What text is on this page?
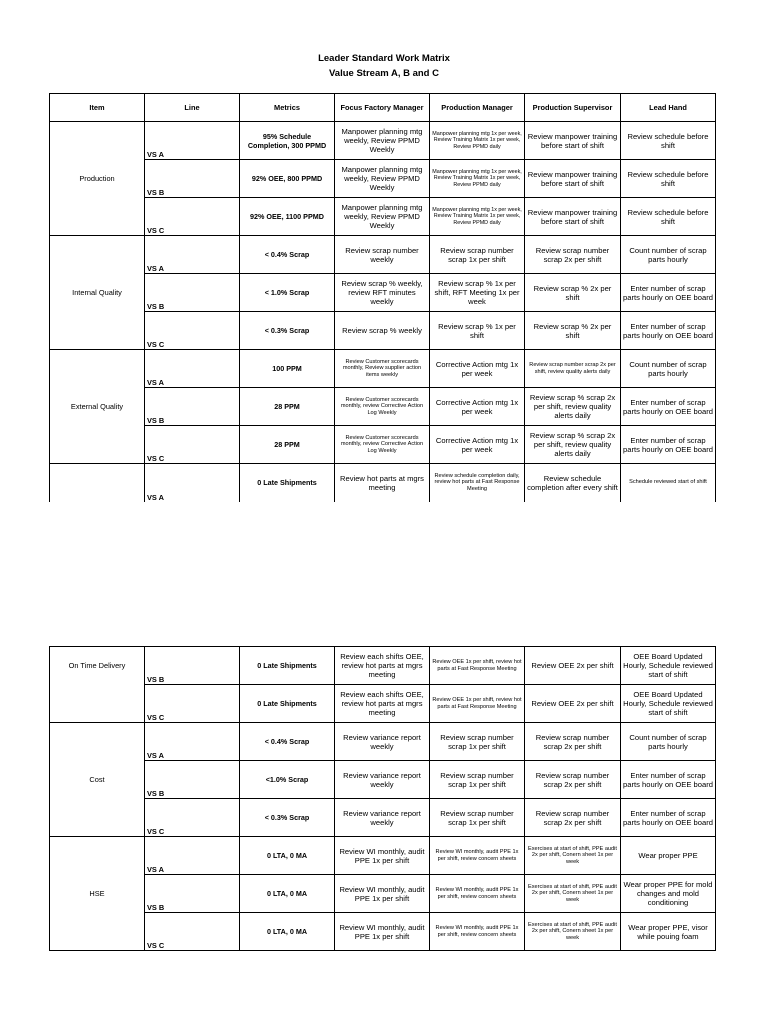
Leader Standard Work Matrix
Value Stream A, B and C
Item	Line	Metrics	Focus Factory Manager	Production Manager	Production Supervisor	Lead Hand
Production	VS A	95% Schedule Completion, 300 PPMD	Manpower planning mtg weekly, Review PPMD Weekly	Manpower planning mtg 1x per week, Review Training Matrix 1x per week, Review PPMD daily	Review manpower training before start of shift	Review schedule before shift
	VS B	92% OEE, 800 PPMD	Manpower planning mtg weekly, Review PPMD Weekly	Manpower planning mtg 1x per week, Review Training Matrix 1x per week, Review PPMD daily	Review manpower training before start of shift	Review schedule before shift
	VS C	92% OEE, 1100 PPMD	Manpower planning mtg weekly, Review PPMD Weekly	Manpower planning mtg 1x per week, Review Training Matrix 1x per week, Review PPMD daily	Review manpower training before start of shift	Review schedule before shift
Internal Quality	VS A	< 0.4% Scrap	Review scrap number weekly	Review scrap number scrap 1x per shift	Review scrap number scrap 2x per shift	Count number of scrap parts hourly
	VS B	< 1.0% Scrap	Review scrap % weekly, review RFT minutes weekly	Review scrap % 1x per shift, RFT Meeting 1x per week	Review scrap % 2x per shift	Enter number of scrap parts hourly on OEE board
	VS C	< 0.3% Scrap	Review scrap % weekly	Review scrap % 1x per shift	Review scrap % 2x per shift	Enter number of scrap parts hourly on OEE board
External Quality	VS A	100 PPM	Review Customer scorecards monthly, Review supplier action items weekly	Corrective Action mtg 1x per week	Review scrap number scrap 2x per shift, review quality alerts daily	Count number of scrap parts hourly
	VS B	28 PPM	Review Customer scorecards monthly, review Corrective Action Log Weekly	Corrective Action mtg 1x per week	Review scrap % scrap 2x per shift, review quality alerts daily	Enter number of scrap parts hourly on OEE board
	VS C	28 PPM	Review Customer scorecards monthly, review Corrective Action Log Weekly	Corrective Action mtg 1x per week	Review scrap % scrap 2x per shift, review quality alerts daily	Enter number of scrap parts hourly on OEE board
	VS A	0 Late Shipments	Review hot parts at mgrs meeting	Review schedule completion daily, review hot parts at Fast Response Meeting	Review schedule completion after every shift	Schedule reviewed start of shift
On Time Delivery	VS B	0 Late Shipments	Review each shifts OEE, review hot parts at mgrs meeting	Review OEE 1x per shift, review hot parts at Fast Response Meeting	Review OEE 2x per shift	OEE Board Updated Hourly, Schedule reviewed start of shift
	VS C	0 Late Shipments	Review each shifts OEE, review hot parts at mgrs meeting	Review OEE 1x per shift, review hot parts at Fast Response Meeting	Review OEE 2x per shift	OEE Board Updated Hourly, Schedule reviewed start of shift
Cost	VS A	< 0.4% Scrap	Review variance report weekly	Review scrap number scrap 1x per shift	Review scrap number scrap 2x per shift	Count number of scrap parts hourly
	VS B	<1.0% Scrap	Review variance report weekly	Review scrap number scrap 1x per shift	Review scrap number scrap 2x per shift	Enter number of scrap parts hourly on OEE board
	VS C	< 0.3% Scrap	Review variance report weekly	Review scrap number scrap 1x per shift	Review scrap number scrap 2x per shift	Enter number of scrap parts hourly on OEE board
HSE	VS A	0 LTA, 0 MA	Review WI monthly, audit PPE 1x per shift	Review WI monthly, audit PPE 1x per shift, review concern sheets	Exercises at start of shift, PPE audit 2x per shift, Conern sheet 1x per week	Wear proper PPE
	VS B	0 LTA, 0 MA	Review WI monthly, audit PPE 1x per shift	Review WI monthly, audit PPE 1x per shift, review concern sheets	Exercises at start of shift, PPE audit 2x per shift, Conern sheet 1x per week	Wear proper PPE for mold changes and mold conditioning
	VS C	0 LTA, 0 MA	Review WI monthly, audit PPE 1x per shift	Review WI monthly, audit PPE 1x per shift, review concern sheets	Exercises at start of shift, PPE audit 2x per shift, Conern sheet 1x per week	Wear proper PPE, visor while pouing foam
